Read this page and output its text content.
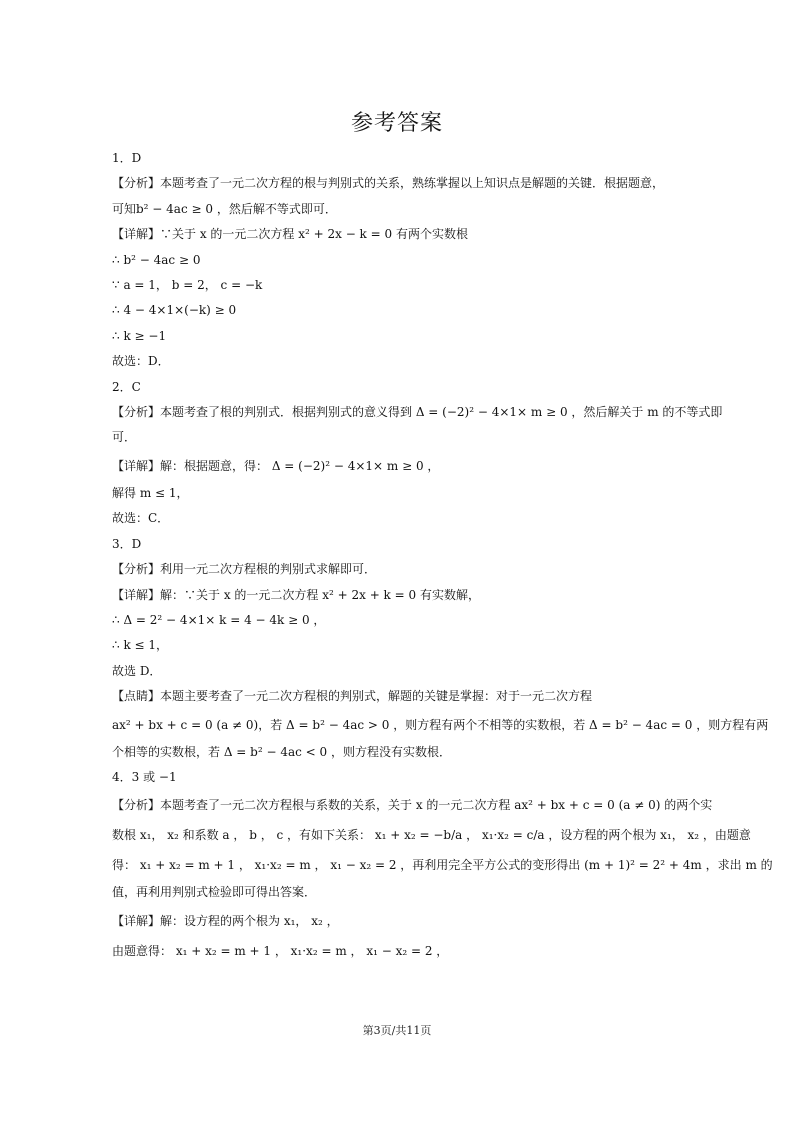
参考答案
1．D
【分析】本题考查了一元二次方程的根与判别式的关系，熟练掌握以上知识点是解题的关键．根据题意，
可知b² − 4ac ≥ 0 ，然后解不等式即可．
【详解】∵关于 x 的一元二次方程 x² + 2x − k = 0 有两个实数根
∴ b² − 4ac ≥ 0
∵ a = 1， b = 2， c = −k
∴ 4 − 4×1×(−k) ≥ 0
∴ k ≥ −1
故选：D．
2．C
【分析】本题考查了根的判别式．根据判别式的意义得到 Δ = (−2)² − 4×1× m ≥ 0 ，然后解关于 m 的不等式即
可．
【详解】解：根据题意，得： Δ = (−2)² − 4×1× m ≥ 0 ，
解得 m ≤ 1，
故选：C．
3．D
【分析】利用一元二次方程根的判别式求解即可．
【详解】解：∵关于 x 的一元二次方程 x² + 2x + k = 0 有实数解，
∴ Δ = 2² − 4×1× k = 4 − 4k ≥ 0 ，
∴ k ≤ 1，
故选 D．
【点睛】本题主要考查了一元二次方程根的判别式，解题的关键是掌握：对于一元二次方程
ax² + bx + c = 0 (a ≠ 0)，若 Δ = b² − 4ac > 0 ，则方程有两个不相等的实数根，若 Δ = b² − 4ac = 0 ，则方程有两
个相等的实数根，若 Δ = b² − 4ac < 0 ，则方程没有实数根．
4．3 或 −1
【分析】本题考查了一元二次方程根与系数的关系，关于 x 的一元二次方程 ax² + bx + c = 0 (a ≠ 0) 的两个实
数根 x₁， x₂ 和系数 a ， b ， c ，有如下关系： x₁ + x₂ = −b/a ， x₁·x₂ = c/a ，设方程的两个根为 x₁， x₂ ，由题意
得： x₁ + x₂ = m + 1 ， x₁·x₂ = m ， x₁ − x₂ = 2 ，再利用完全平方公式的变形得出 (m + 1)² = 2² + 4m ，求出 m 的
值，再利用判别式检验即可得出答案．
【详解】解：设方程的两个根为 x₁， x₂ ，
由题意得： x₁ + x₂ = m + 1 ， x₁·x₂ = m ， x₁ − x₂ = 2 ，
第3页/共11页
